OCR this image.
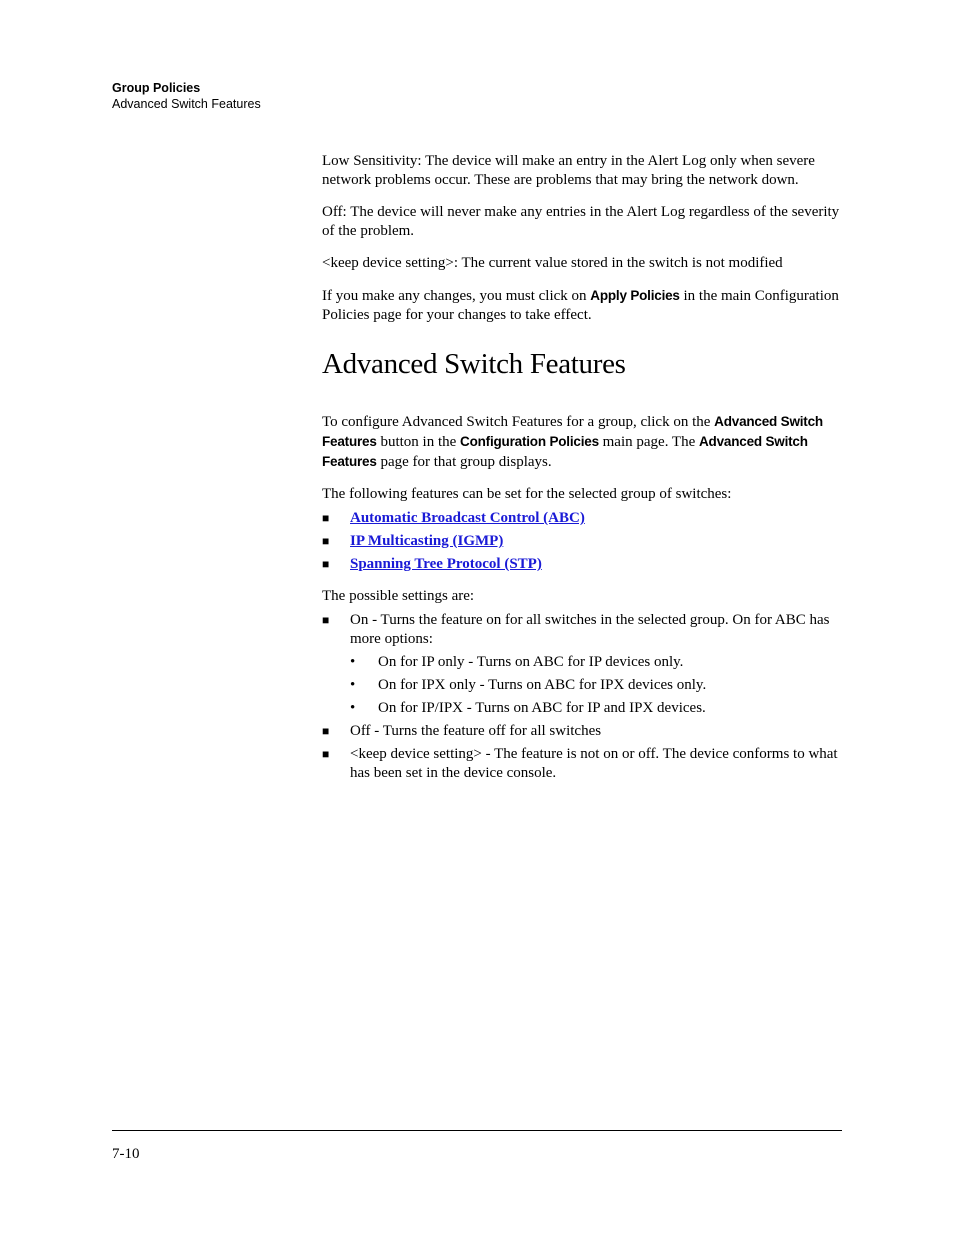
Group Policies
Advanced Switch Features

Low Sensitivity: The device will make an entry in the Alert Log only when severe network problems occur. These are problems that may bring the network down.

Off: The device will never make any entries in the Alert Log regardless of the severity of the problem.

<keep device setting>: The current value stored in the switch is not modified

If you make any changes, you must click on Apply Policies in the main Configuration Policies page for your changes to take effect.

Advanced Switch Features

To configure Advanced Switch Features for a group, click on the Advanced Switch Features button in the Configuration Policies main page. The Advanced Switch Features page for that group displays.

The following features can be set for the selected group of switches:

■ Automatic Broadcast Control (ABC)
■ IP Multicasting (IGMP)
■ Spanning Tree Protocol (STP)

The possible settings are:

■ On - Turns the feature on for all switches in the selected group. On for ABC has more options:
• On for IP only - Turns on ABC for IP devices only.
• On for IPX only - Turns on ABC for IPX devices only.
• On for IP/IPX - Turns on ABC for IP and IPX devices.
■ Off - Turns the feature off for all switches
■ <keep device setting> - The feature is not on or off. The device conforms to what has been set in the device console.
7-10
